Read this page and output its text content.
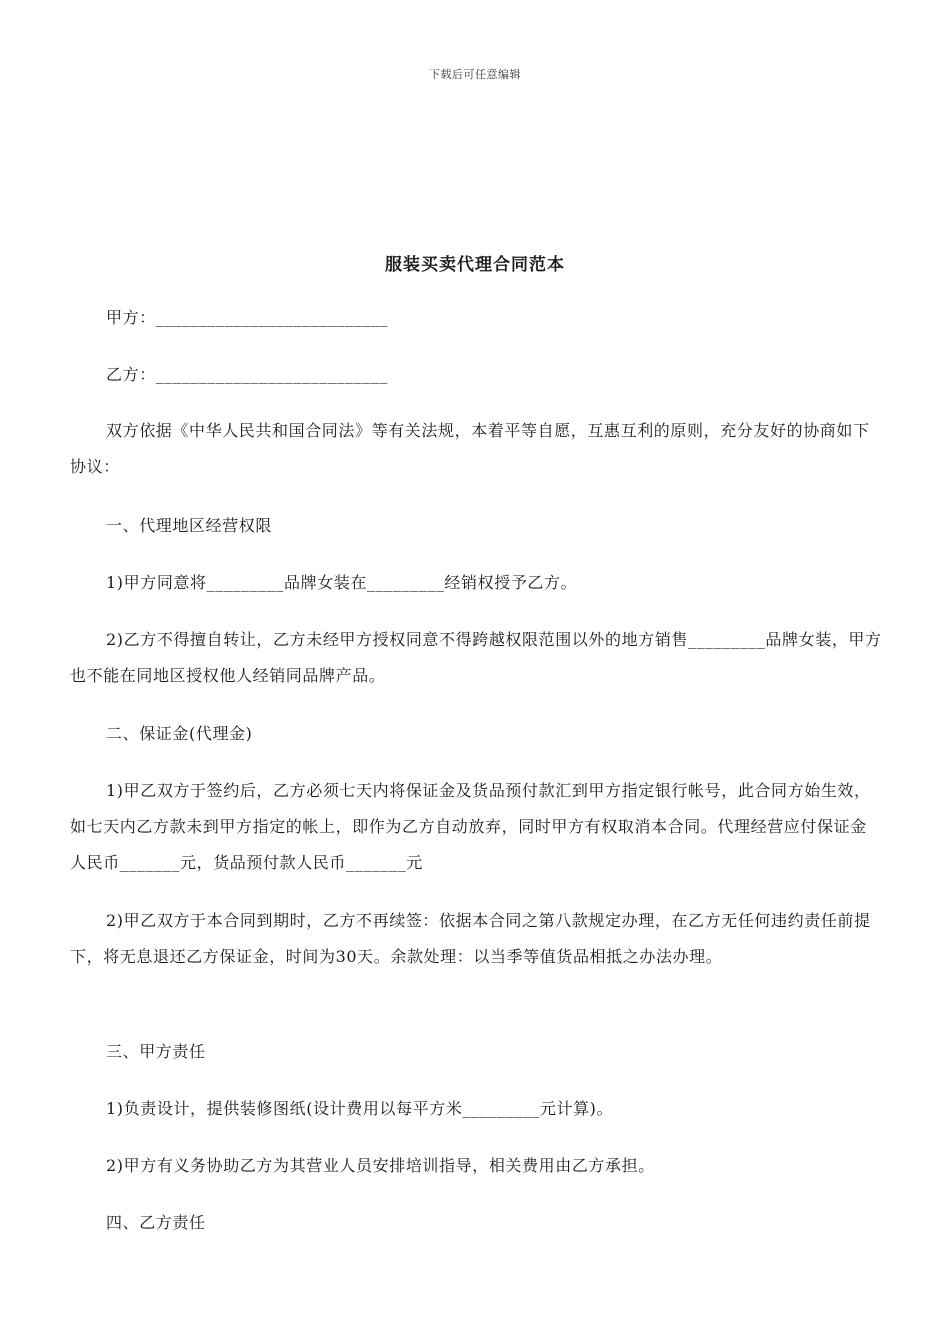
下载后可任意编辑
服装买卖代理合同范本
甲方：___________________________
乙方：___________________________
双方依据《中华人民共和国合同法》等有关法规，本着平等自愿，互惠互利的原则，充分友好的协商如下协议：
一、代理地区经营权限
1)甲方同意将_________品牌女装在_________经销权授予乙方。
2)乙方不得擅自转让，乙方未经甲方授权同意不得跨越权限范围以外的地方销售_________品牌女装，甲方也不能在同地区授权他人经销同品牌产品。
二、保证金(代理金)
1)甲乙双方于签约后，乙方必须七天内将保证金及货品预付款汇到甲方指定银行帐号，此合同方始生效，如七天内乙方款未到甲方指定的帐上，即作为乙方自动放弃，同时甲方有权取消本合同。代理经营应付保证金人民币_______元，货品预付款人民币_______元
2)甲乙双方于本合同到期时，乙方不再续签：依据本合同之第八款规定办理，在乙方无任何违约责任前提下，将无息退还乙方保证金，时间为30天。余款处理：以当季等值货品相抵之办法办理。
三、甲方责任
1)负责设计，提供装修图纸(设计费用以每平方米_________元计算)。
2)甲方有义务协助乙方为其营业人员安排培训指导，相关费用由乙方承担。
四、乙方责任
